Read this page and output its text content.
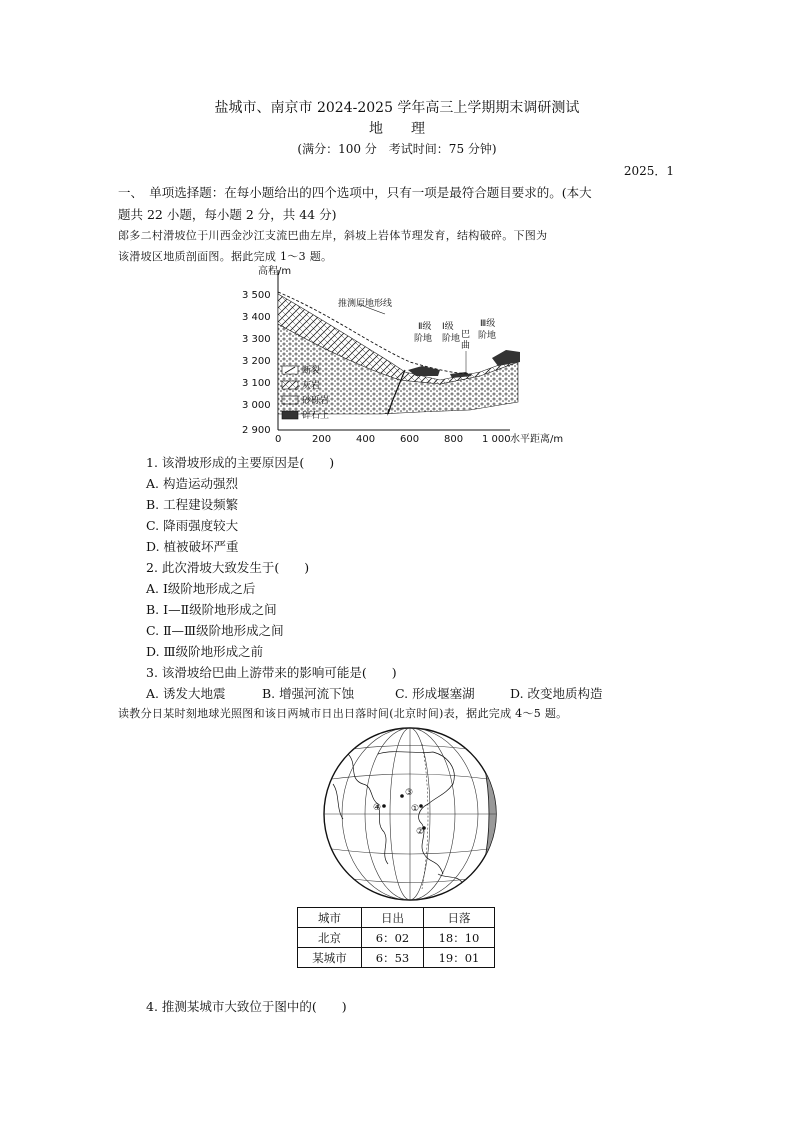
盐城市、南京市 2024-2025 学年高三上学期期末调研测试
地　　理
(满分：100 分　考试时间：75 分钟)
2025．1
一、　单项选择题：在每小题给出的四个选项中，只有一项是最符合题目要求的。(本大
题共 22 小题，每小题 2 分，共 44 分)
郎多二村滑坡位于川西金沙江支流巴曲左岸，斜坡上岩体节理发育，结构破碎。下图为
该滑坡区地质剖面图。据此完成 1～3 题。
高程/m
水平距离/m
3 500
3 400
3 300
3 200
3 100
3 000
2 900
0	200 400 600 800 1 000
推测原地形线
Ⅱ级
阶地
Ⅰ级
阶地 巴
曲
Ⅲ级
阶地
断裂
灰岩
砂砾岩
碎石土
1. 该滑坡形成的主要原因是(　　)
A. 构造运动强烈
B. 工程建设频繁
C. 降雨强度较大
D. 植被破坏严重
2. 此次滑坡大致发生于(　　)
A. Ⅰ级阶地形成之后
B. Ⅰ—Ⅱ级阶地形成之间
C. Ⅱ—Ⅲ级阶地形成之间
D. Ⅲ级阶地形成之前
3. 该滑坡给巴曲上游带来的影响可能是(　　)
A. 诱发大地震	B. 增强河流下蚀	C. 形成堰塞湖	D. 改变地质构造
读教分日某时刻地球光照图和该日两城市日出日落时间(北京时间)表，据此完成 4～5 题。
③
④	①
②
城市	日出	日落
北京	6：02	18：10
某城市	6：53	19：01
4. 推测某城市大致位于图中的(　　)
